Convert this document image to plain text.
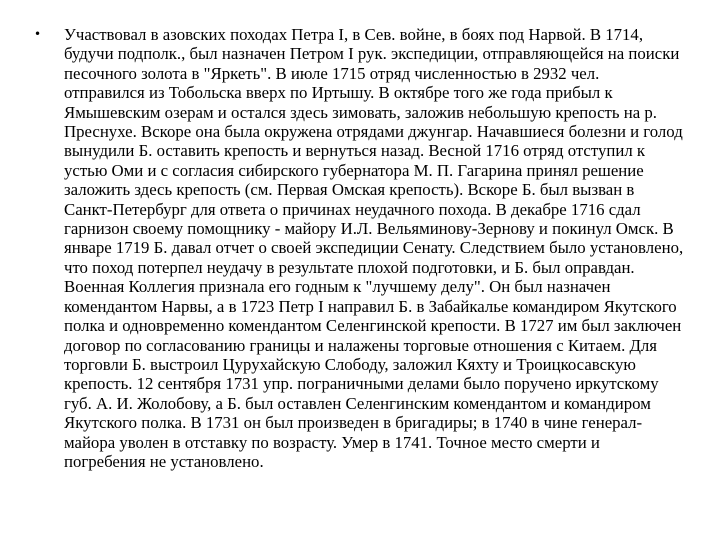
•	Участвовал в азовских походах Петра I, в Сев. войне, в боях под Нарвой. В 1714, будучи подполк., был назначен Петром I рук. экспедиции, отправляющейся на поиски песочного золота в "Яркеть". В июле 1715 отряд численностью в 2932 чел. отправился из Тобольска вверх по Иртышу. В октябре того же года прибыл к Ямышевским озерам и остался здесь зимовать, заложив небольшую крепость на р. Преснухе. Вскоре она была окружена отрядами джунгар. Начавшиеся болезни и голод вынудили Б. оставить крепость и вернуться назад. Весной 1716 отряд отступил к устью Оми и с согласия сибирского губернатора М. П. Гагарина принял решение заложить здесь крепость (см. Первая Омская крепость). Вскоре Б. был вызван в Санкт-Петербург для ответа о причинах неудачного похода. В декабре 1716 сдал гарнизон своему помощнику - майору И.Л. Вельяминову-Зернову и покинул Омск. В январе 1719 Б. давал отчет о своей экспедиции Сенату. Следствием было установлено, что поход потерпел неудачу в результате плохой подготовки, и Б. был оправдан. Военная Коллегия признала его годным к "лучшему делу". Он был назначен комендантом Нарвы, а в 1723 Петр I направил Б. в Забайкалье командиром Якутского полка и одновременно комендантом Селенгинской крепости. В 1727 им был заключен договор по согласованию границы и налажены торговые отношения с Китаем. Для торговли Б. выстроил Цурухайскую Слободу, заложил Кяхту и Троицкосавскую крепость. 12 сентября 1731 упр. пограничными делами было поручено иркутскому губ. А. И. Жолобову, а Б. был оставлен Селенгинским комендантом и командиром Якутского полка. В 1731 он был произведен в бригадиры; в 1740 в чине генерал-майора уволен в отставку по возрасту. Умер в 1741. Точное место смерти и погребения не установлено.
